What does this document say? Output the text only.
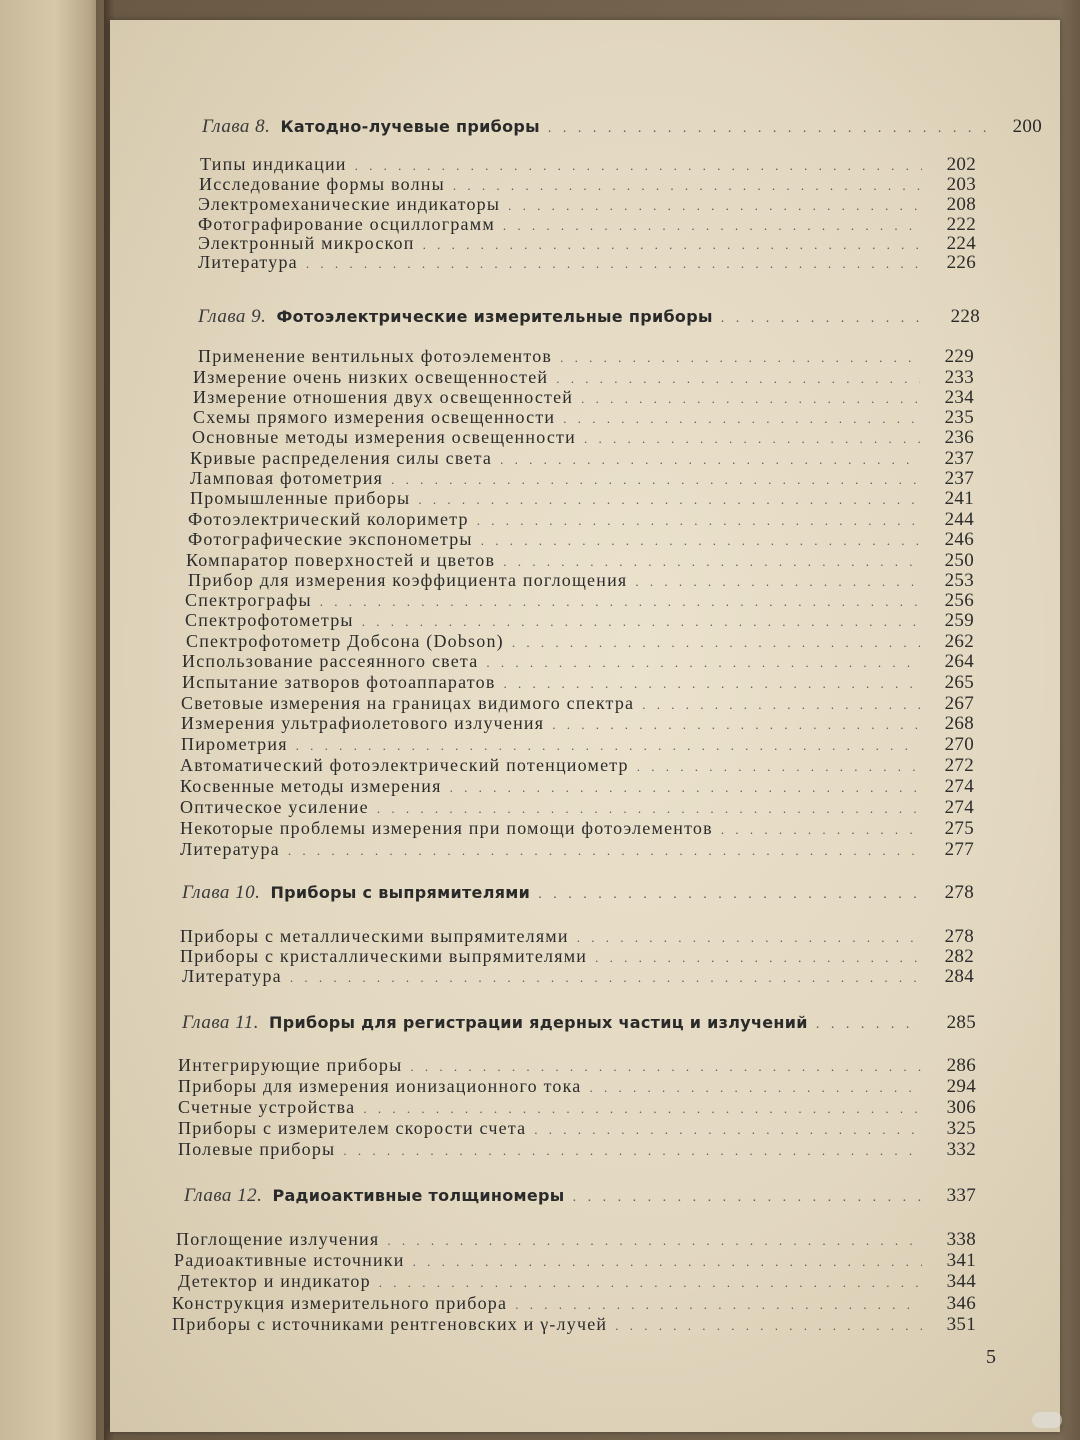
Глава 8. Катодно-лучевые приборы . . .	200
Типы индикации . . .	202
Исследование формы волны . . .	203
Электромеханические индикаторы . . .	208
Фотографирование осциллограмм . . .	222
Электронный микроскоп . . .	224
Литература . . .	226
Глава 9. Фотоэлектрические измерительные приборы . . .	228
Применение вентильных фотоэлементов . . .	229
Измерение очень низких освещенностей . . .	233
Измерение отношения двух освещенностей . . .	234
Схемы прямого измерения освещенности . . .	235
Основные методы измерения освещенности . . .	236
Кривые распределения силы света . . .	237
Ламповая фотометрия . . .	237
Промышленные приборы . . .	241
Фотоэлектрический колориметр . . .	244
Фотографические экспонометры . . .	246
Компаратор поверхностей и цветов . . .	250
Прибор для измерения коэффициента поглощения . . .	253
Спектрографы . . .	256
Спектрофотометры . . .	259
Спектрофотометр Добсона (Dobson) . . .	262
Использование рассеянного света . . .	264
Испытание затворов фотоаппаратов . . .	265
Световые измерения на границах видимого спектра . . .	267
Измерения ультрафиолетового излучения . . .	268
Пирометрия . . .	270
Автоматический фотоэлектрический потенциометр . . .	272
Косвенные методы измерения . . .	274
Оптическое усиление . . .	274
Некоторые проблемы измерения при помощи фотоэлементов . . .	275
Литература . . .	277
Глава 10. Приборы с выпрямителями . . .	278
Приборы с металлическими выпрямителями . . .	278
Приборы с кристаллическими выпрямителями . . .	282
Литература . . .	284
Глава 11. Приборы для регистрации ядерных частиц и излучений . . .	285
Интегрирующие приборы . . .	286
Приборы для измерения ионизационного тока . . .	294
Счетные устройства . . .	306
Приборы с измерителем скорости счета . . .	325
Полевые приборы . . .	332
Глава 12. Радиоактивные толщиномеры . . .	337
Поглощение излучения . . .	338
Радиоактивные источники . . .	341
Детектор и индикатор . . .	344
Конструкция измерительного прибора . . .	346
Приборы с источниками рентгеновских и γ-лучей . . .	351
5
